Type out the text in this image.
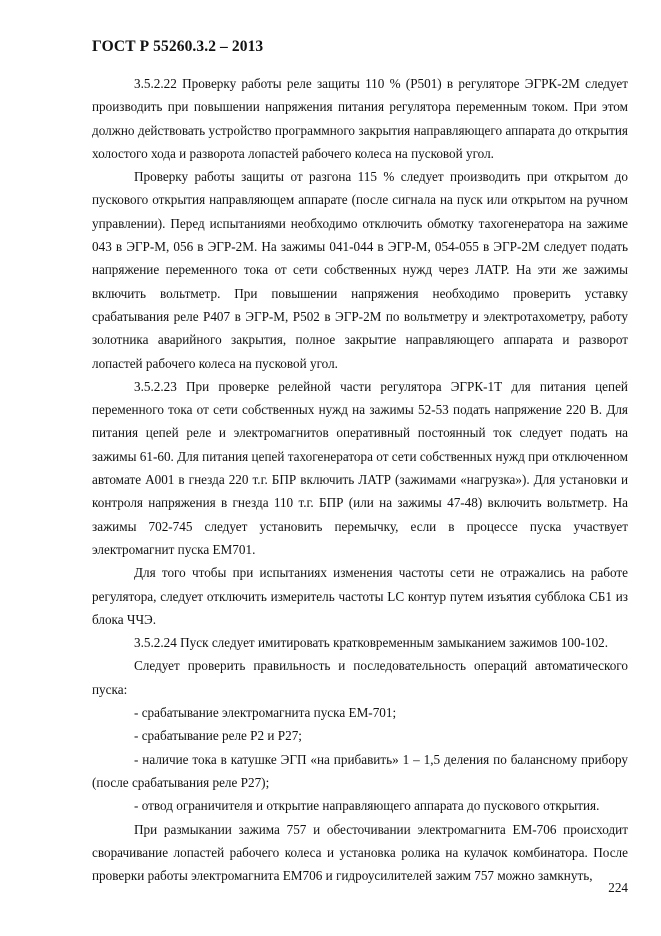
ГОСТ Р 55260.3.2 – 2013

3.5.2.22 Проверку работы реле защиты 110 % (Р501) в регуляторе ЭГРК-2М следует производить при повышении напряжения питания регулятора переменным током. При этом должно действовать устройство программного закрытия направляющего аппарата до открытия холостого хода и разворота лопастей рабочего колеса на пусковой угол.

Проверку работы защиты от разгона 115 % следует производить при открытом до пускового открытия направляющем аппарате (после сигнала на пуск или открытом на ручном управлении). Перед испытаниями необходимо отключить обмотку тахогенератора на зажиме 043 в ЭГР-М, 056 в ЭГР-2М. На зажимы 041-044 в ЭГР-М, 054-055 в ЭГР-2М следует подать напряжение переменного тока от сети собственных нужд через ЛАТР. На эти же зажимы включить вольтметр. При повышении напряжения необходимо проверить уставку срабатывания реле Р407 в ЭГР-М, Р502 в ЭГР-2М по вольтметру и электротахометру, работу золотника аварийного закрытия, полное закрытие направляющего аппарата и разворот лопастей рабочего колеса на пусковой угол.

3.5.2.23 При проверке релейной части регулятора ЭГРК-1Т для питания цепей переменного тока от сети собственных нужд на зажимы 52-53 подать напряжение 220 В. Для питания цепей реле и электромагнитов оперативный постоянный ток следует подать на зажимы 61-60. Для питания цепей тахогенератора от сети собственных нужд при отключенном автомате А001 в гнезда 220 т.г. БПР включить ЛАТР (зажимами «нагрузка»). Для установки и контроля напряжения в гнезда 110 т.г. БПР (или на зажимы 47-48) включить вольтметр. На зажимы 702-745 следует установить перемычку, если в процессе пуска участвует электромагнит пуска ЕМ701.

Для того чтобы при испытаниях изменения частоты сети не отражались на работе регулятора, следует отключить измеритель частоты LC контур путем изъятия субблока СБ1 из блока ЧЧЭ.

3.5.2.24 Пуск следует имитировать кратковременным замыканием зажимов 100-102.

Следует проверить правильность и последовательность операций автоматического пуска:

- срабатывание электромагнита пуска ЕМ-701;

- срабатывание реле Р2 и Р27;

- наличие тока в катушке ЭГП «на прибавить» 1 – 1,5 деления по балансному прибору (после срабатывания реле Р27);

- отвод ограничителя и открытие направляющего аппарата до пускового открытия.

При размыкании зажима 757 и обесточивании электромагнита ЕМ-706 происходит сворачивание лопастей рабочего колеса и установка ролика на кулачок комбинатора. После проверки работы электромагнита ЕМ706 и гидроусилителей зажим 757 можно замкнуть,

224
